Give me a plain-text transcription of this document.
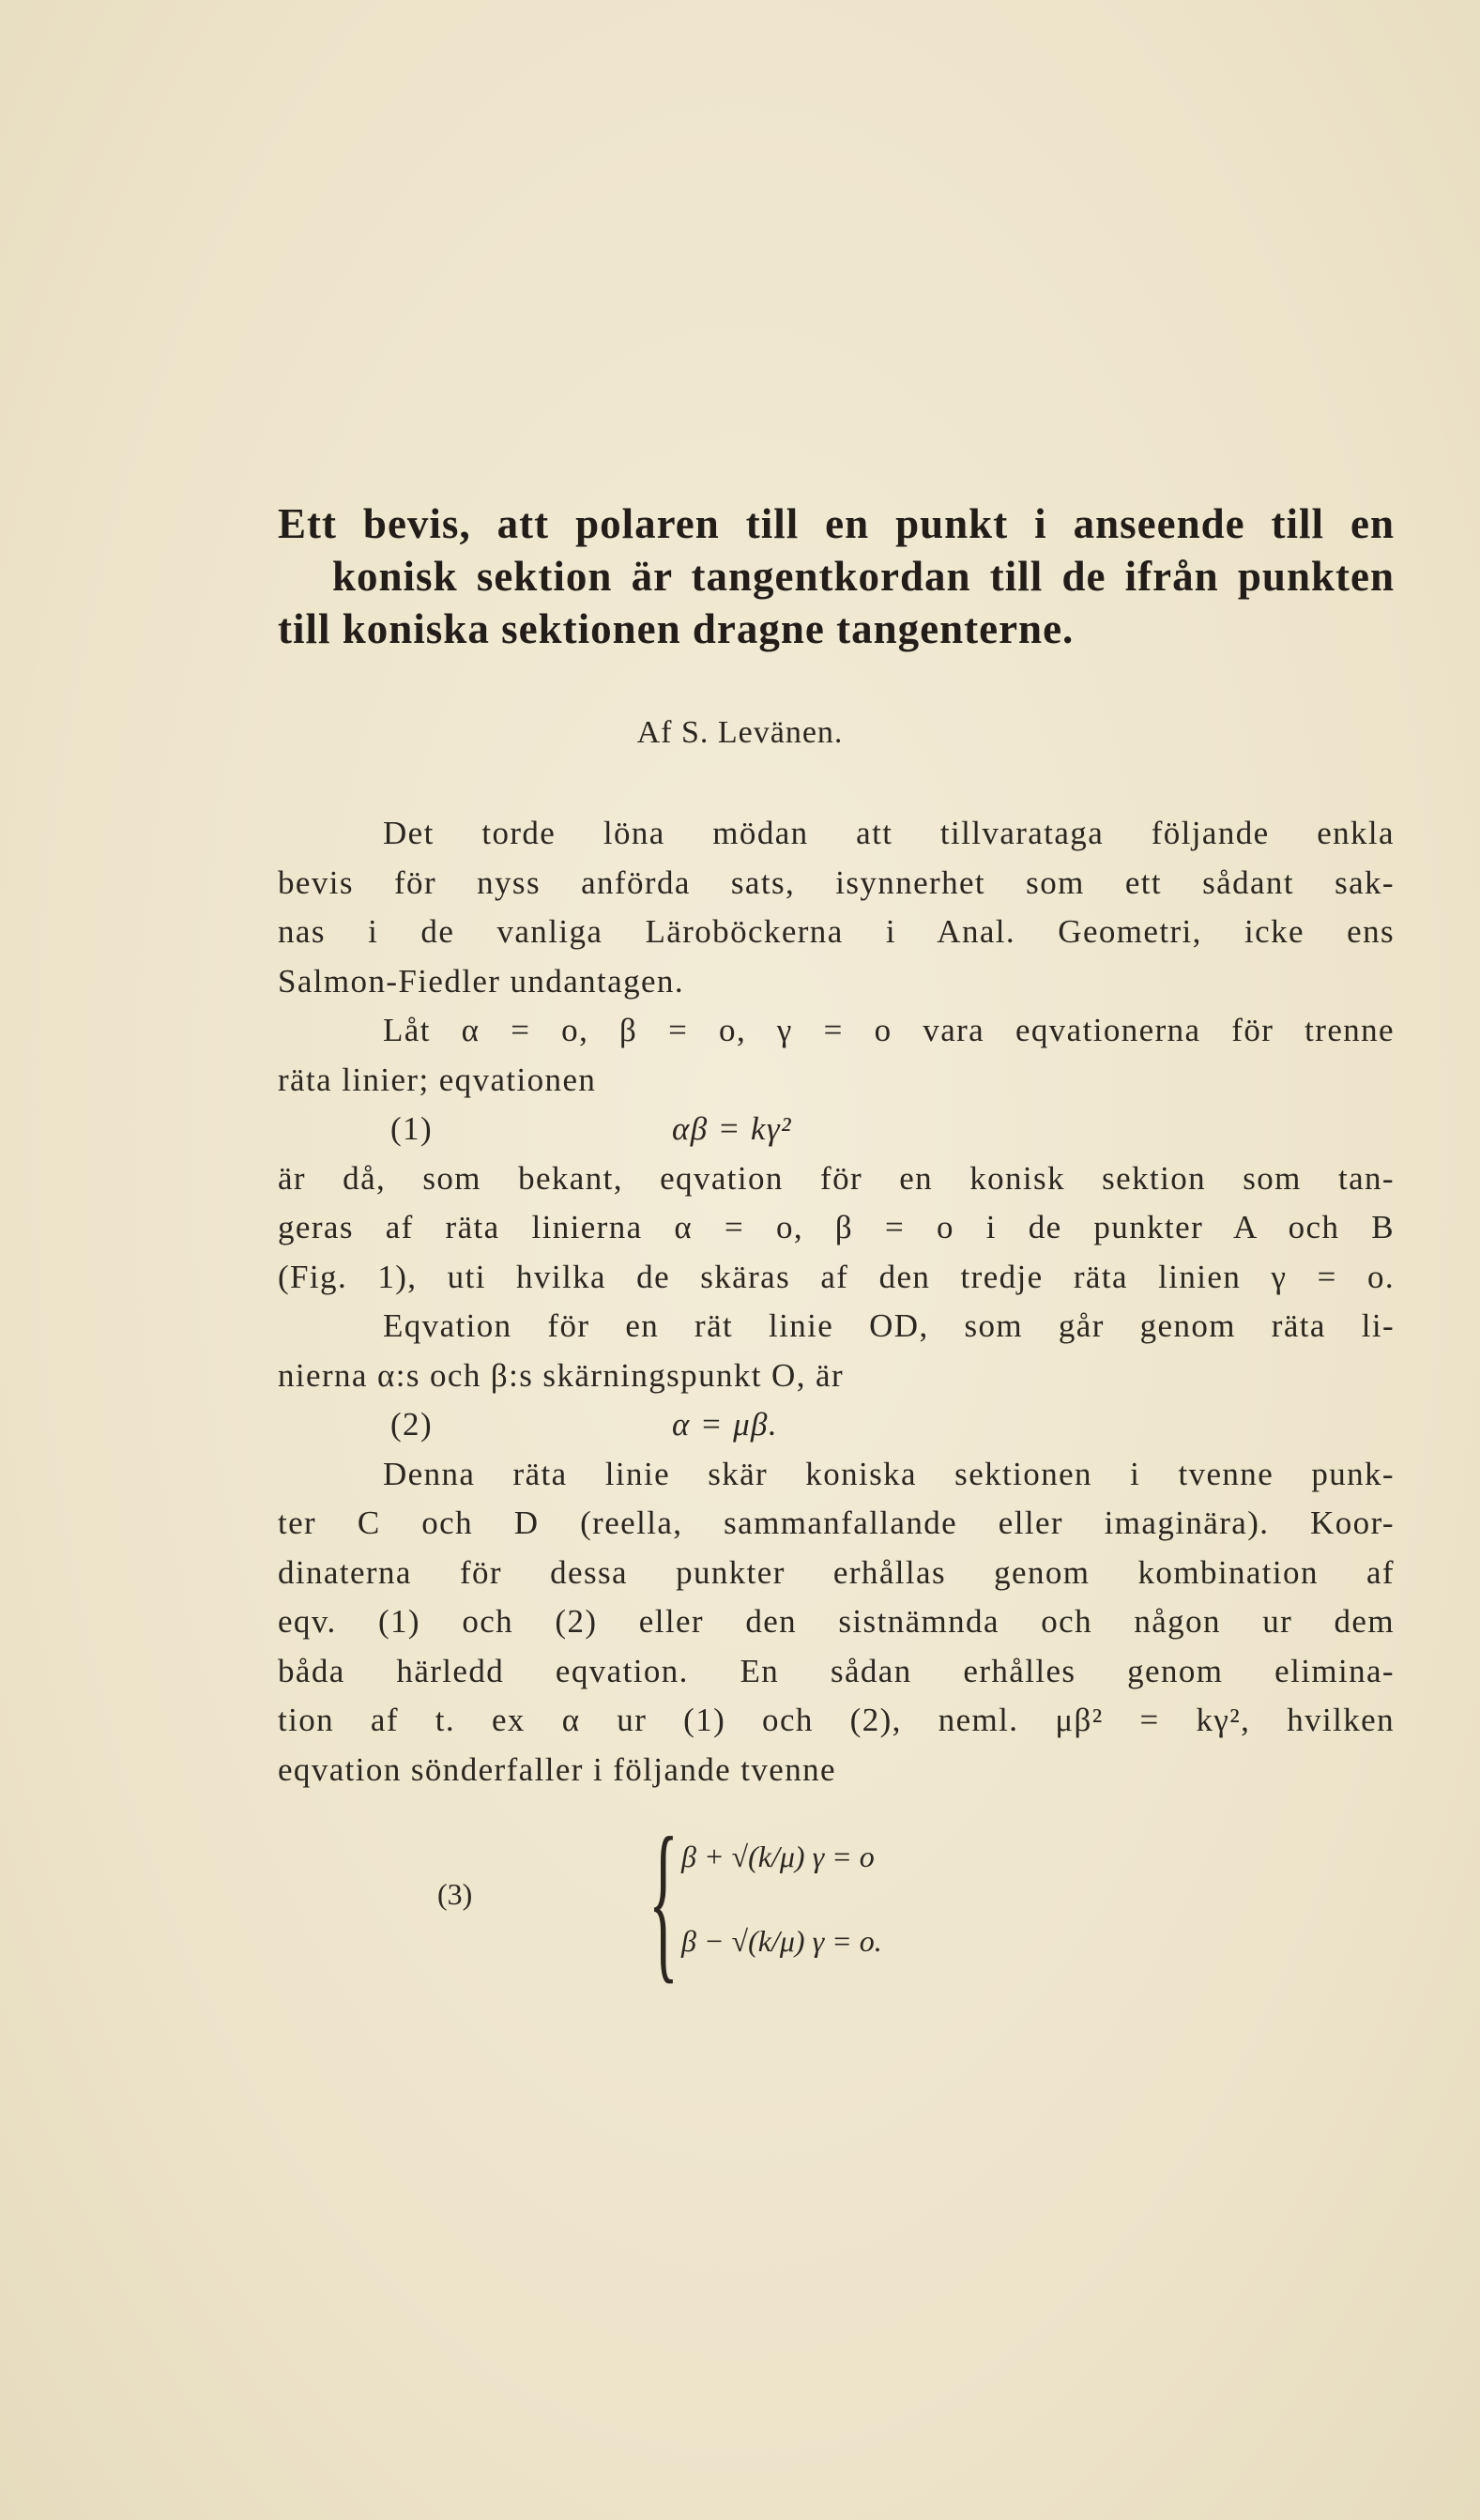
Ett bevis, att polaren till en punkt i anseende till en
konisk sektion är tangentkordan till de ifrån punkten
till koniska sektionen dragne tangenterne.
Af S. Levänen.
Det torde löna mödan att tillvarataga följande enkla
bevis för nyss anförda sats, isynnerhet som ett sådant sak-
nas i de vanliga Läroböckerna i Anal. Geometri, icke ens
Salmon-Fiedler undantagen.
Låt α = o, β = o, γ = o vara eqvationerna för trenne
räta linier; eqvationen
(1)	αβ = kγ²
är då, som bekant, eqvation för en konisk sektion som tan-
geras af räta linierna α = o, β = o i de punkter A och B
(Fig. 1), uti hvilka de skäras af den tredje räta linien γ = o.
Eqvation för en rät linie OD, som går genom räta li-
nierna α:s och β:s skärningspunkt O, är
(2)	α = μβ.
Denna räta linie skär koniska sektionen i tvenne punk-
ter C och D (reella, sammanfallande eller imaginära). Koor-
dinaterna för dessa punkter erhållas genom kombination af
eqv. (1) och (2) eller den sistnämnda och någon ur dem
båda härledd eqvation. En sådan erhålles genom elimina-
tion af t. ex α ur (1) och (2), neml. μβ² = kγ², hvilken
eqvation sönderfaller i följande tvenne
(3) { β + √(k/μ) γ = o
β − √(k/μ) γ = o.
